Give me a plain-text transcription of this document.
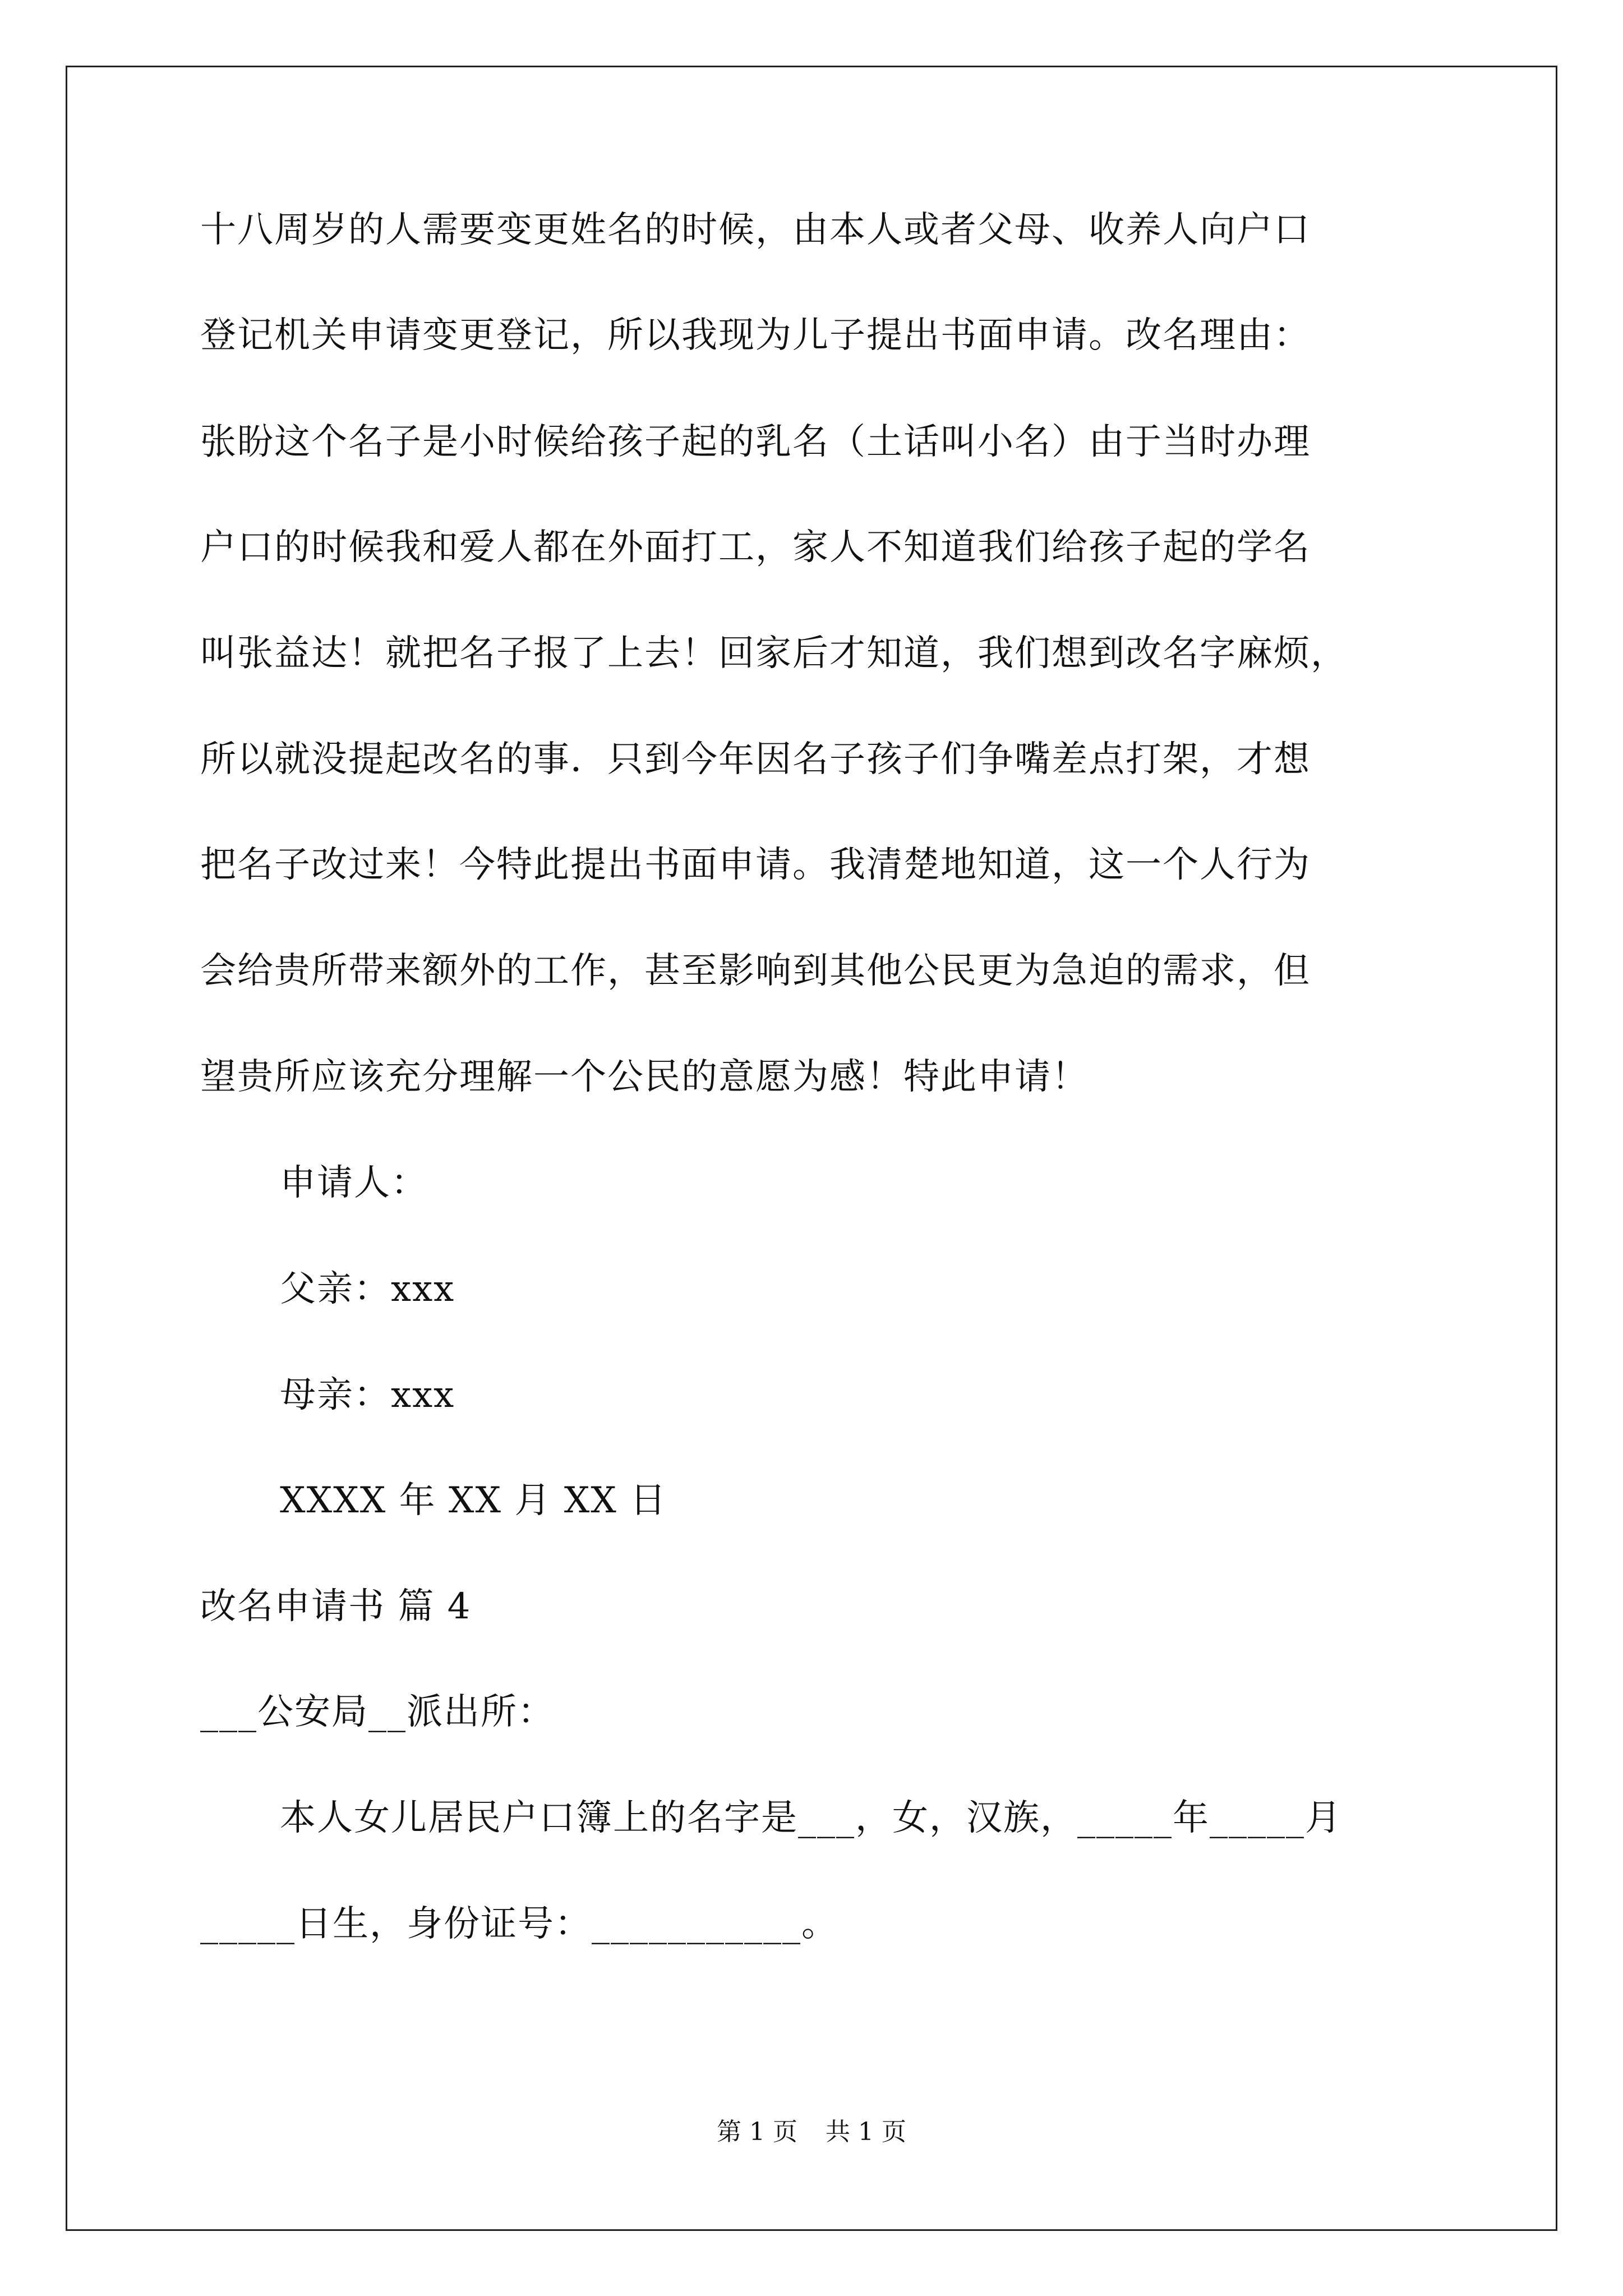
十八周岁的人需要变更姓名的时候，由本人或者父母、收养人向户口
登记机关申请变更登记，所以我现为儿子提出书面申请。改名理由：
张盼这个名子是小时候给孩子起的乳名（土话叫小名）由于当时办理
户口的时候我和爱人都在外面打工，家人不知道我们给孩子起的学名
叫张益达！就把名子报了上去！回家后才知道，我们想到改名字麻烦，
所以就没提起改名的事．只到今年因名子孩子们争嘴差点打架，才想
把名子改过来！今特此提出书面申请。我清楚地知道，这一个人行为
会给贵所带来额外的工作，甚至影响到其他公民更为急迫的需求，但
望贵所应该充分理解一个公民的意愿为感！特此申请！
申请人：
父亲：xxx
母亲：xxx
XXXX 年 XX 月 XX 日
改名申请书 篇 4
___公安局__派出所：
本人女儿居民户口簿上的名字是___，女，汉族，_____年_____月
_____日生，身份证号：___________。
第 1 页 共 1 页
